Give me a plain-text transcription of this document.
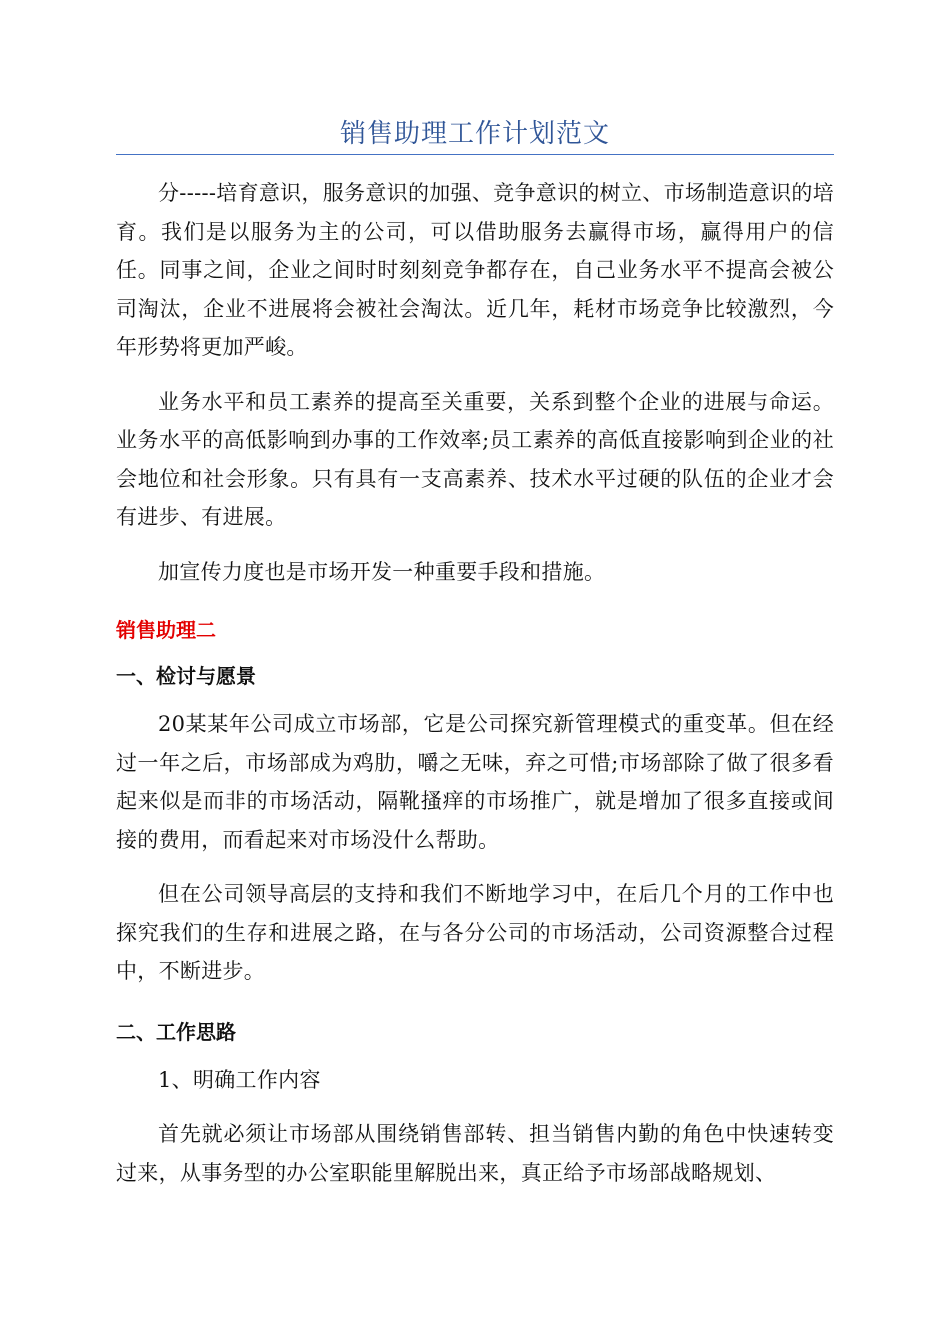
销售助理工作计划范文

分-----培育意识，服务意识的加强、竞争意识的树立、市场制造意识的培育。我们是以服务为主的公司，可以借助服务去赢得市场，赢得用户的信任。同事之间，企业之间时时刻刻竞争都存在，自己业务水平不提高会被公司淘汰，企业不进展将会被社会淘汰。近几年，耗材市场竞争比较激烈，今年形势将更加严峻。

业务水平和员工素养的提高至关重要，关系到整个企业的进展与命运。业务水平的高低影响到办事的工作效率;员工素养的高低直接影响到企业的社会地位和社会形象。只有具有一支高素养、技术水平过硬的队伍的企业才会有进步、有进展。

加宣传力度也是市场开发一种重要手段和措施。

销售助理二
一、检讨与愿景

20某某年公司成立市场部，它是公司探究新管理模式的重变革。但在经过一年之后，市场部成为鸡肋，嚼之无味，弃之可惜;市场部除了做了很多看起来似是而非的市场活动，隔靴搔痒的市场推广，就是增加了很多直接或间接的费用，而看起来对市场没什么帮助。

但在公司领导高层的支持和我们不断地学习中，在后几个月的工作中也探究我们的生存和进展之路，在与各分公司的市场活动，公司资源整合过程中，不断进步。

二、工作思路

1、明确工作内容

首先就必须让市场部从围绕销售部转、担当销售内勤的角色中快速转变过来，从事务型的办公室职能里解脱出来，真正给予市场部战略规划、
